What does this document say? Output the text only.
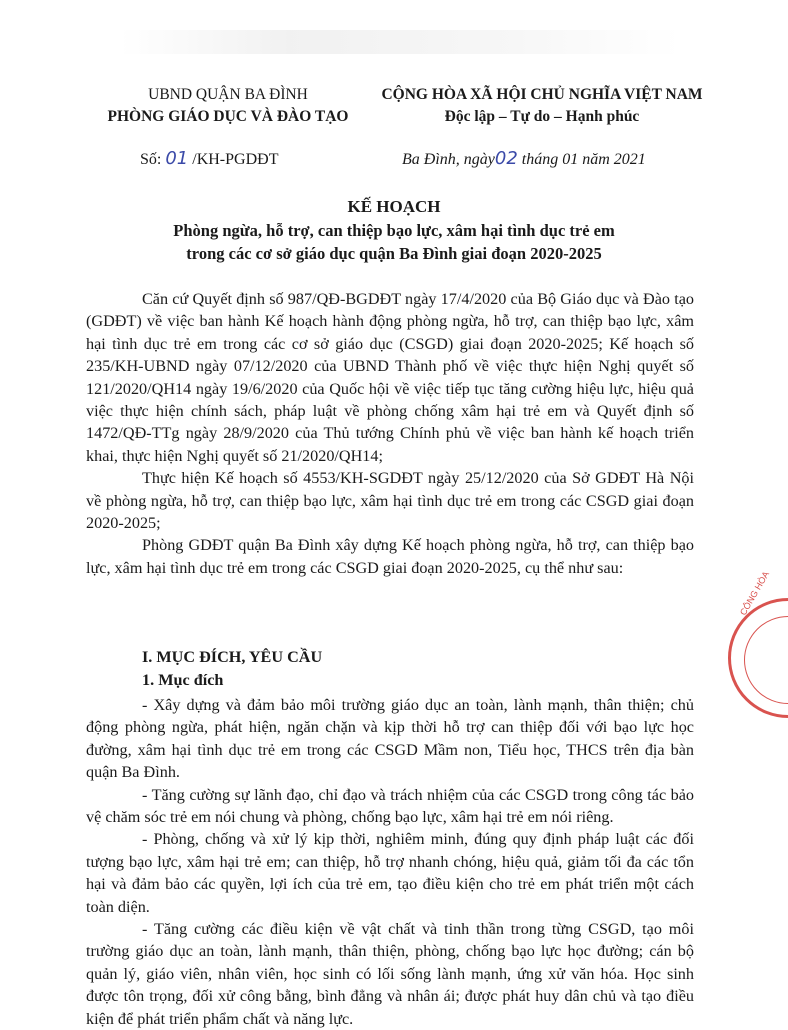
UBND QUẬN BA ĐÌNH
PHÒNG GIÁO DỤC VÀ ĐÀO TẠO
CỘNG HÒA XÃ HỘI CHỦ NGHĨA VIỆT NAM
Độc lập – Tự do – Hạnh phúc
Số: 01 /KH-PGDĐT	Ba Đình, ngày02 tháng 01 năm 2021
KẾ HOẠCH
Phòng ngừa, hỗ trợ, can thiệp bạo lực, xâm hại tình dục trẻ em
trong các cơ sở giáo dục quận Ba Đình giai đoạn 2020-2025

Căn cứ Quyết định số 987/QĐ-BGDĐT ngày 17/4/2020 của Bộ Giáo dục và Đào tạo (GDĐT) về việc ban hành Kế hoạch hành động phòng ngừa, hỗ trợ, can thiệp bạo lực, xâm hại tình dục trẻ em trong các cơ sở giáo dục (CSGD) giai đoạn 2020-2025; Kế hoạch số 235/KH-UBND ngày 07/12/2020 của UBND Thành phố về việc thực hiện Nghị quyết số 121/2020/QH14 ngày 19/6/2020 của Quốc hội về việc tiếp tục tăng cường hiệu lực, hiệu quả việc thực hiện chính sách, pháp luật về phòng chống xâm hại trẻ em và Quyết định số 1472/QĐ-TTg ngày 28/9/2020 của Thủ tướng Chính phủ về việc ban hành kế hoạch triển khai, thực hiện Nghị quyết số 21/2020/QH14;

Thực hiện Kế hoạch số 4553/KH-SGDĐT ngày 25/12/2020 của Sở GDĐT Hà Nội về phòng ngừa, hỗ trợ, can thiệp bạo lực, xâm hại tình dục trẻ em trong các CSGD giai đoạn 2020-2025;

Phòng GDĐT quận Ba Đình xây dựng Kế hoạch phòng ngừa, hỗ trợ, can thiệp bạo lực, xâm hại tình dục trẻ em trong các CSGD giai đoạn 2020-2025, cụ thể như sau:

I. MỤC ĐÍCH, YÊU CẦU
1. Mục đích

- Xây dựng và đảm bảo môi trường giáo dục an toàn, lành mạnh, thân thiện; chủ động phòng ngừa, phát hiện, ngăn chặn và kịp thời hỗ trợ can thiệp đối với bạo lực học đường, xâm hại tình dục trẻ em trong các CSGD Mầm non, Tiểu học, THCS trên địa bàn quận Ba Đình.

- Tăng cường sự lãnh đạo, chỉ đạo và trách nhiệm của các CSGD trong công tác bảo vệ chăm sóc trẻ em nói chung và phòng, chống bạo lực, xâm hại trẻ em nói riêng.

- Phòng, chống và xử lý kịp thời, nghiêm minh, đúng quy định pháp luật các đối tượng bạo lực, xâm hại trẻ em; can thiệp, hỗ trợ nhanh chóng, hiệu quả, giảm tối đa các tổn hại và đảm bảo các quyền, lợi ích của trẻ em, tạo điều kiện cho trẻ em phát triển một cách toàn diện.

- Tăng cường các điều kiện về vật chất và tinh thần trong từng CSGD, tạo môi trường giáo dục an toàn, lành mạnh, thân thiện, phòng, chống bạo lực học đường; cán bộ quản lý, giáo viên, nhân viên, học sinh có lối sống lành mạnh, ứng xử văn hóa. Học sinh được tôn trọng, đối xử công bằng, bình đẳng và nhân ái; được phát huy dân chủ và tạo điều kiện để phát triển phẩm chất và năng lực.

CÔNG HÒA
